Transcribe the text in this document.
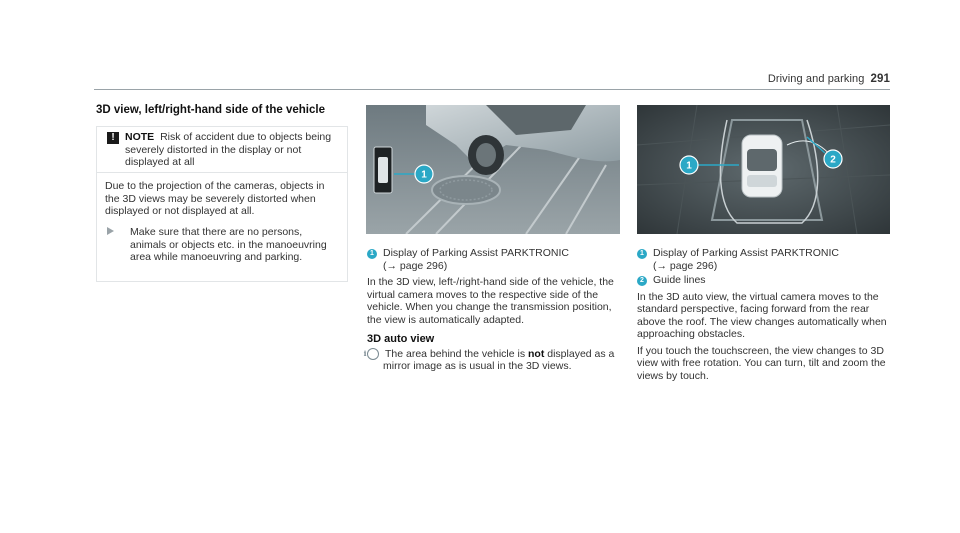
Driving and parking 291
3D view, left/right-hand side of the vehicle
! NOTE Risk of accident due to objects being severely distorted in the display or not displayed at all
Due to the projection of the cameras, objects in the 3D views may be severely distorted when displayed or not displayed at all.
Make sure that there are no persons, animals or objects etc. in the manoeuvring area while manoeuvring and parking.
1
1
2

1 Display of Parking Assist PARKTRONIC

(→ page 296)

In the 3D view, left-/right-hand side of the vehicle, the virtual camera moves to the respective side of the vehicle. When you change the transmission position, the view is automatically adapted.

3D auto view

i The area behind the vehicle is not displayed as a mirror image as is usual in the 3D views.

1 Display of Parking Assist PARKTRONIC

(→ page 296)

2 Guide lines

In the 3D auto view, the virtual camera moves to the standard perspective, facing forward from the rear above the roof. The view changes automatically when approaching obstacles.

If you touch the touchscreen, the view changes to 3D view with free rotation. You can turn, tilt and zoom the views by touch.
